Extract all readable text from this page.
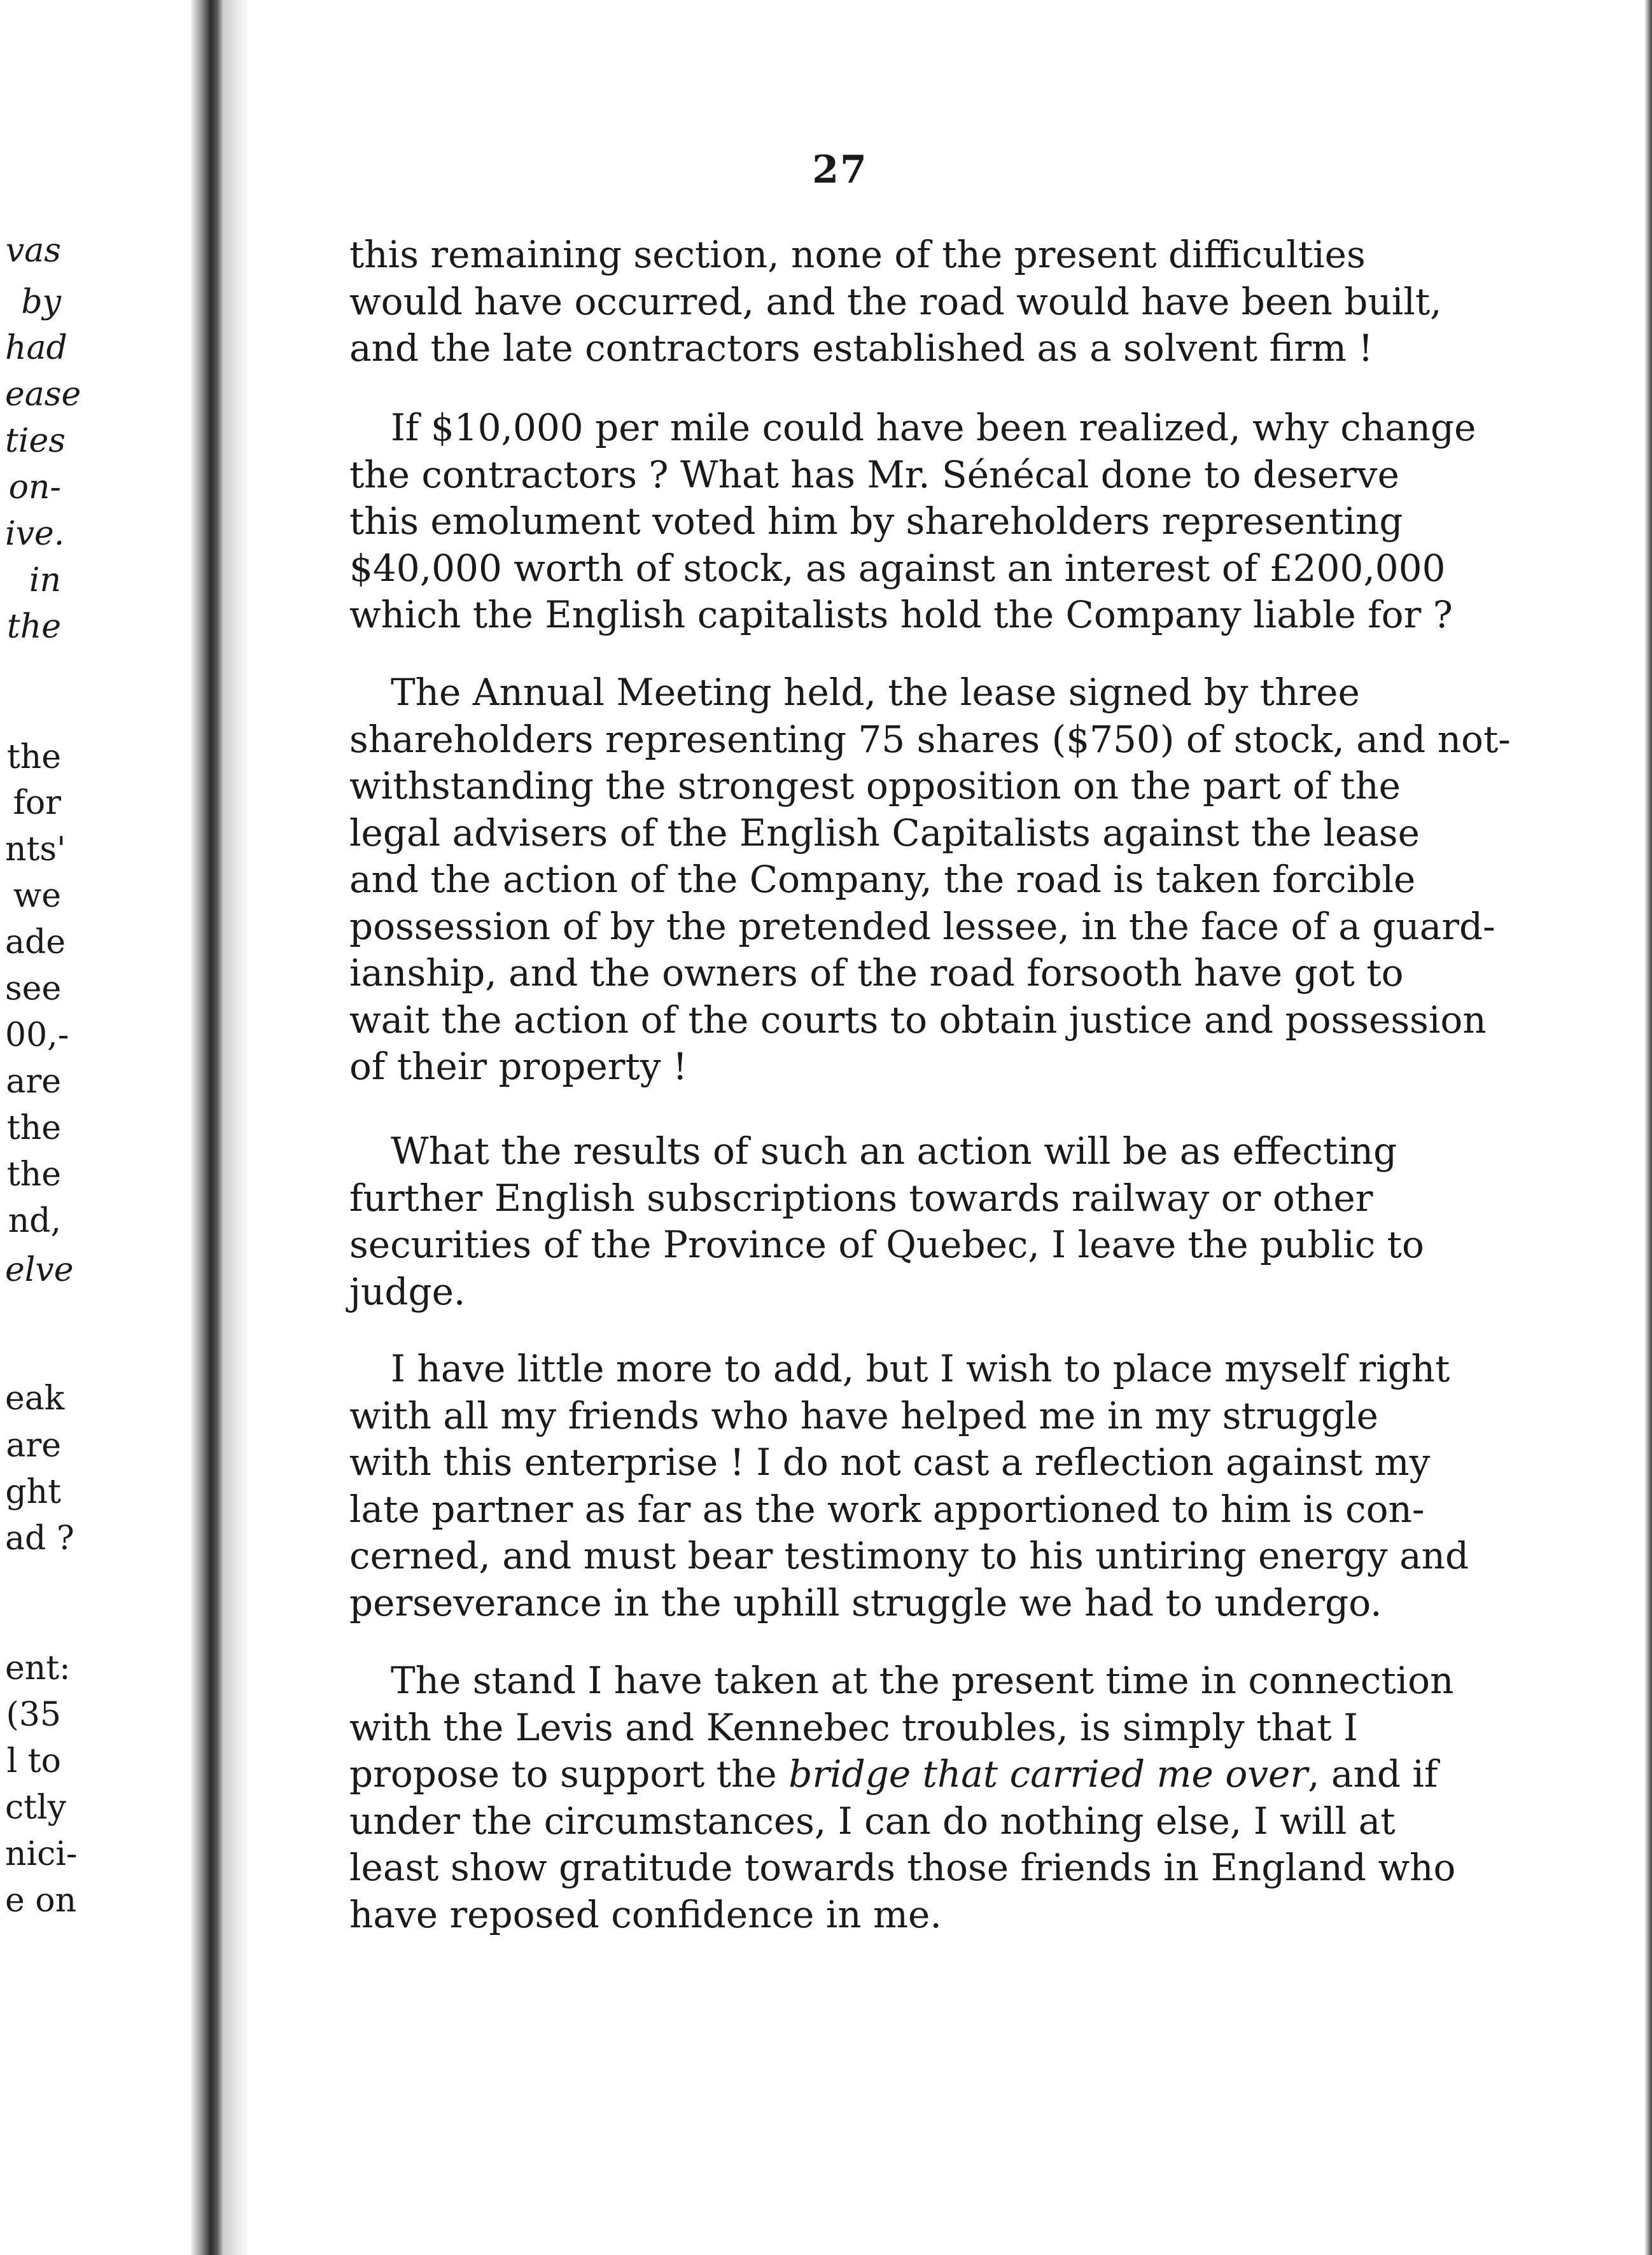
vas
by
had
ease
ties
on-
ive.
in
the
the
for
nts'
we
ade
see
00,-
are
the
the
nd,
elve
eak
are
ght
ad ?
ent:
(35
l to
ctly
nici-
e on
27
this remaining section, none of the present difficulties
would have occurred, and the road would have been built,
and the late contractors established as a solvent firm !
If $10,000 per mile could have been realized, why change
the contractors ? What has Mr. Sénécal done to deserve
this emolument voted him by shareholders representing
$40,000 worth of stock, as against an interest of £200,000
which the English capitalists hold the Company liable for ?
The Annual Meeting held, the lease signed by three
shareholders representing 75 shares ($750) of stock, and not-
withstanding the strongest opposition on the part of the
legal advisers of the English Capitalists against the lease
and the action of the Company, the road is taken forcible
possession of by the pretended lessee, in the face of a guard-
ianship, and the owners of the road forsooth have got to
wait the action of the courts to obtain justice and possession
of their property !
What the results of such an action will be as effecting
further English subscriptions towards railway or other
securities of the Province of Quebec, I leave the public to
judge.
I have little more to add, but I wish to place myself right
with all my friends who have helped me in my struggle
with this enterprise ! I do not cast a reflection against my
late partner as far as the work apportioned to him is con-
cerned, and must bear testimony to his untiring energy and
perseverance in the uphill struggle we had to undergo.
The stand I have taken at the present time in connection
with the Levis and Kennebec troubles, is simply that I
propose to support the bridge that carried me over, and if
under the circumstances, I can do nothing else, I will at
least show gratitude towards those friends in England who
have reposed confidence in me.
